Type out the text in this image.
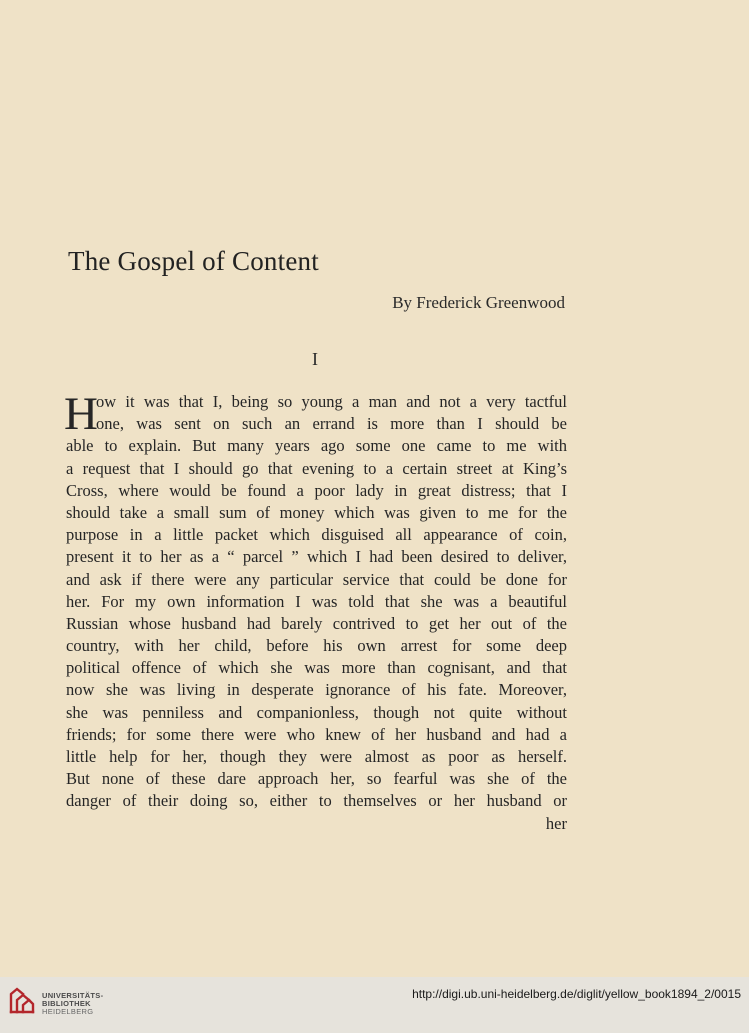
The Gospel of Content

By Frederick Greenwood

I

H
ow it was that I, being so young a man and not a very tactful
one, was sent on such an errand is more than I should be
able to explain. But many years ago some one came to me with
a request that I should go that evening to a certain street at King’s
Cross, where would be found a poor lady in great distress; that I
should take a small sum of money which was given to me for the
purpose in a little packet which disguised all appearance of coin,
present it to her as a “ parcel ” which I had been desired to deliver,
and ask if there were any particular service that could be done for
her. For my own information I was told that she was a beautiful
Russian whose husband had barely contrived to get her out of the
country, with her child, before his own arrest for some deep
political offence of which she was more than cognisant, and that
now she was living in desperate ignorance of his fate. Moreover,
she was penniless and companionless, though not quite without
friends; for some there were who knew of her husband and had a
little help for her, though they were almost as poor as herself.
But none of these dare approach her, so fearful was she of the
danger of their doing so, either to themselves or her husband or
her
UNIVERSITÄTS-
BIBLIOTHEK
HEIDELBERG
http://digi.ub.uni-heidelberg.de/diglit/yellow_book1894_2/0015
